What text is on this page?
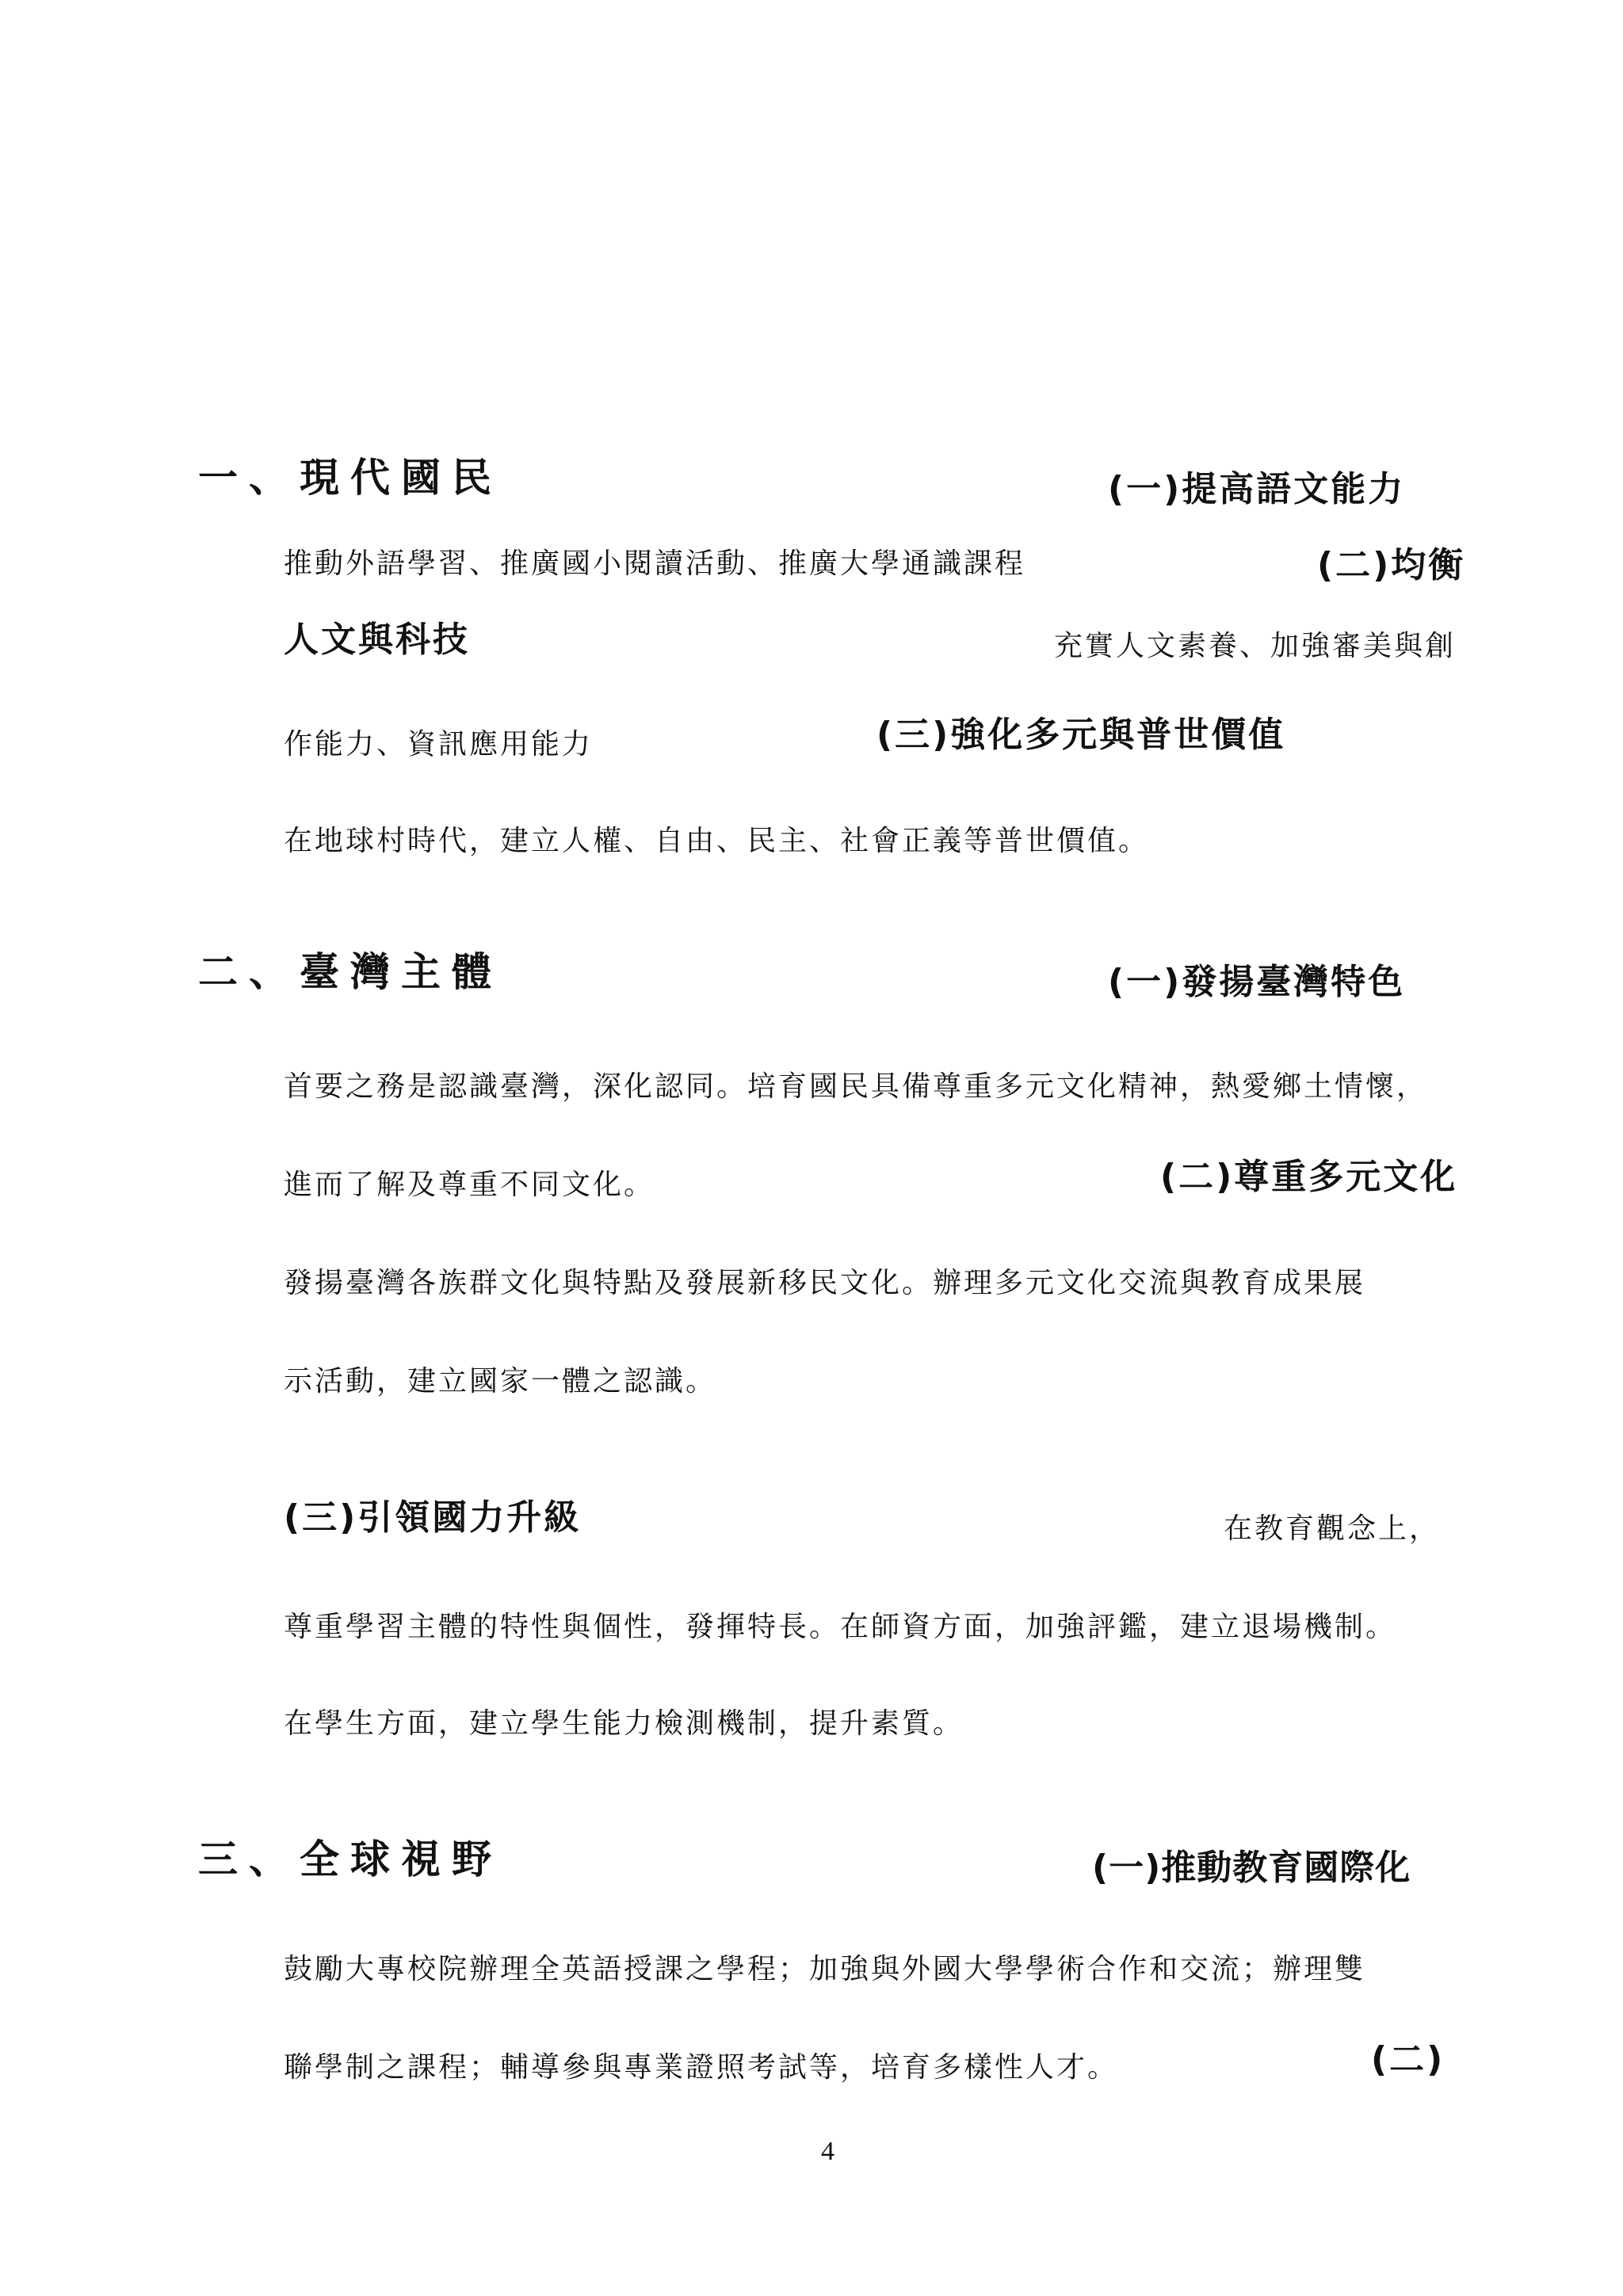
一、現代國民	(一)提高語文能力
推動外語學習、推廣國小閱讀活動、推廣大學通識課程	(二)均衡
人文與科技	充實人文素養、加強審美與創
作能力、資訊應用能力	(三)強化多元與普世價值
在地球村時代，建立人權、自由、民主、社會正義等普世價值。
二、臺灣主體	(一)發揚臺灣特色
首要之務是認識臺灣，深化認同。培育國民具備尊重多元文化精神，熱愛鄉土情懷，
進而了解及尊重不同文化。	(二)尊重多元文化
發揚臺灣各族群文化與特點及發展新移民文化。辦理多元文化交流與教育成果展
示活動，建立國家一體之認識。
(三)引領國力升級	在教育觀念上，
尊重學習主體的特性與個性，發揮特長。在師資方面，加強評鑑，建立退場機制。
在學生方面，建立學生能力檢測機制，提升素質。
三、全球視野	(一)推動教育國際化
鼓勵大專校院辦理全英語授課之學程；加強與外國大學學術合作和交流；辦理雙
聯學制之課程；輔導參與專業證照考試等，培育多樣性人才。	(二)
4
